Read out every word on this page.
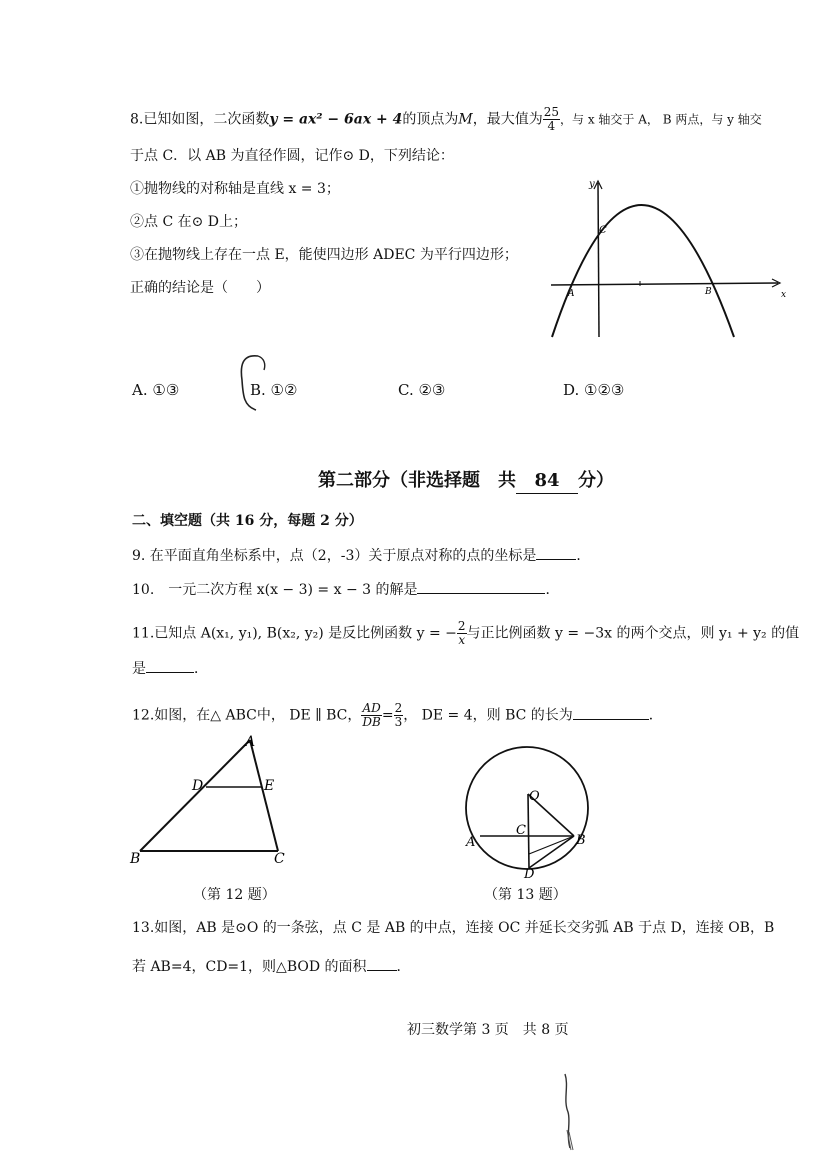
8.已知如图，二次函数y = ax² − 6ax + 4的顶点为M，最大值为 $\frac{25}{4}$ ，与 x 轴交于 A， B 两点，与 y 轴交
于点 C．以 AB 为直径作圆，记作⊙ D，下列结论：
①抛物线的对称轴是直线 x = 3；
②点 C 在⊙ D上；
③在抛物线上存在一点 E，能使四边形 ADEC 为平行四边形；
正确的结论是（　　）
y
C
A	B	x
A. ①③	B. ①②	C. ②③	D. ①②③
第二部分（非选择题　共 84 分）
二、填空题（共 16 分，每题 2 分）
9. 在平面直角坐标系中，点（2，-3）关于原点对称的点的坐标是	．
10.　一元二次方程 x(x − 3) = x − 3 的解是	．
11.已知点 A(x₁, y₁), B(x₂, y₂) 是反比例函数 y = − $\frac{2}{x}$ 与正比例函数 y = −3x 的两个交点，则 y₁ + y₂ 的值
是	．
12.如图，在△ ABC中， DE ∥ BC， $\frac{AD}{DB} = \frac{2}{3}$ ， DE = 4，则 BC 的长为	．
A
D	E
B	C
（第 12 题）
O
A
C
B
D
（第 13 题）
13.如图，AB 是⊙O 的一条弦，点 C 是 AB 的中点，连接 OC 并延长交劣弧 AB 于点 D，连接 OB，B
若 AB=4，CD=1，则△BOD 的面积 ．
初三数学第 3 页　共 8 页
